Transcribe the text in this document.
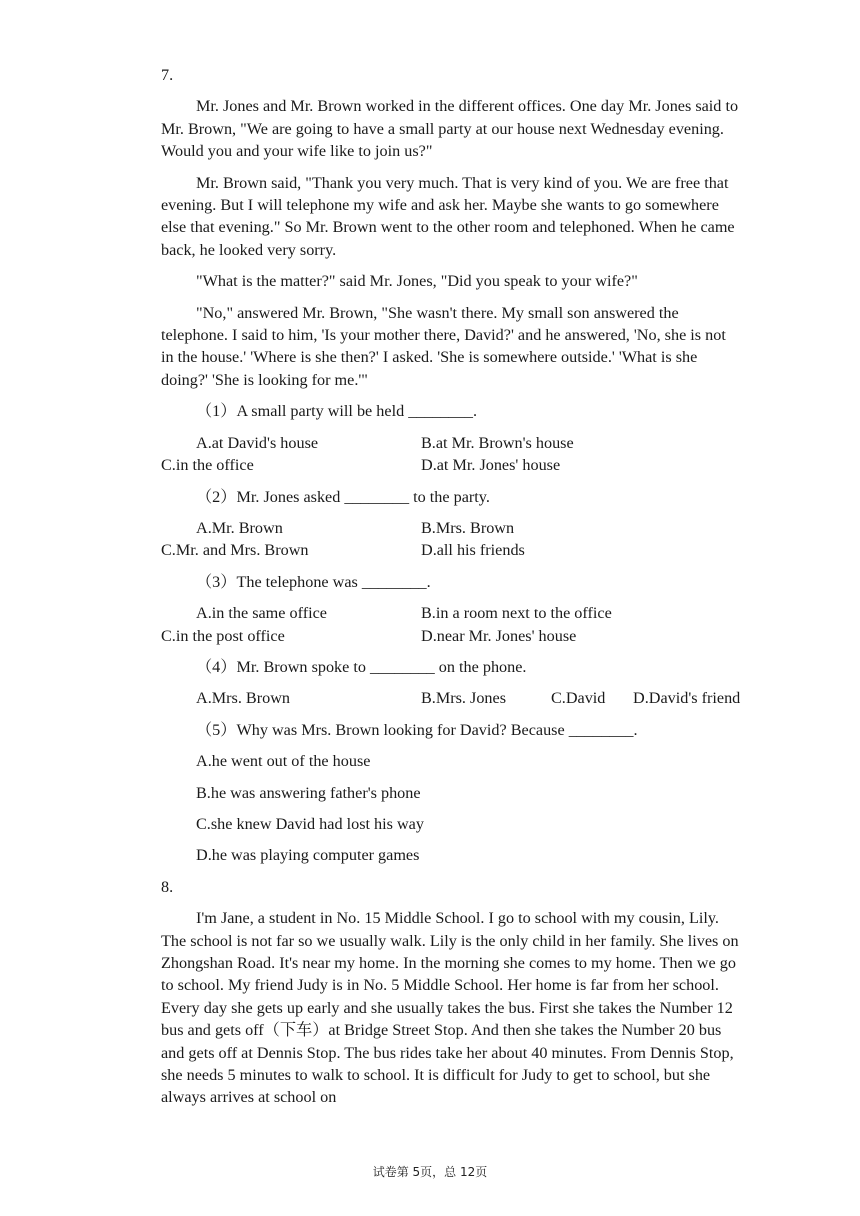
7.

Mr. Jones and Mr. Brown worked in the different offices. One day Mr. Jones said to Mr. Brown, "We are going to have a small party at our house next Wednesday evening. Would you and your wife like to join us?"

Mr. Brown said, "Thank you very much. That is very kind of you. We are free that evening. But I will telephone my wife and ask her. Maybe she wants to go somewhere else that evening." So Mr. Brown went to the other room and telephoned. When he came back, he looked very sorry.

"What is the matter?" said Mr. Jones, "Did you speak to your wife?"

"No," answered Mr. Brown, "She wasn't there. My small son answered the telephone. I said to him, 'Is your mother there, David?' and he answered, 'No, she is not in the house.' 'Where is she then?' I asked. 'She is somewhere outside.' 'What is she doing?' 'She is looking for me.'"

（1）A small party will be held ________.

A.at David's house	B.at Mr. Brown's house
C.in the office	D.at Mr. Jones' house

（2）Mr. Jones asked ________ to the party.

A.Mr. Brown	B.Mrs. Brown
C.Mr. and Mrs. Brown	D.all his friends

（3）The telephone was ________.

A.in the same office	B.in a room next to the office
C.in the post office	D.near Mr. Jones' house

（4）Mr. Brown spoke to ________ on the phone.

A.Mrs. Brown	B.Mrs. Jones	C.David D.David's friend

（5）Why was Mrs. Brown looking for David? Because ________.

A.he went out of the house

B.he was answering father's phone

C.she knew David had lost his way

D.he was playing computer games

8.

I'm Jane, a student in No. 15 Middle School. I go to school with my cousin, Lily. The school is not far so we usually walk. Lily is the only child in her family. She lives on Zhongshan Road. It's near my home. In the morning she comes to my home. Then we go to school. My friend Judy is in No. 5 Middle School. Her home is far from her school. Every day she gets up early and she usually takes the bus. First she takes the Number 12 bus and gets off（下车）at Bridge Street Stop. And then she takes the Number 20 bus and gets off at Dennis Stop. The bus rides take her about 40 minutes. From Dennis Stop, she needs 5 minutes to walk to school. It is difficult for Judy to get to school, but she always arrives at school on

试卷第 5页，总 12页
